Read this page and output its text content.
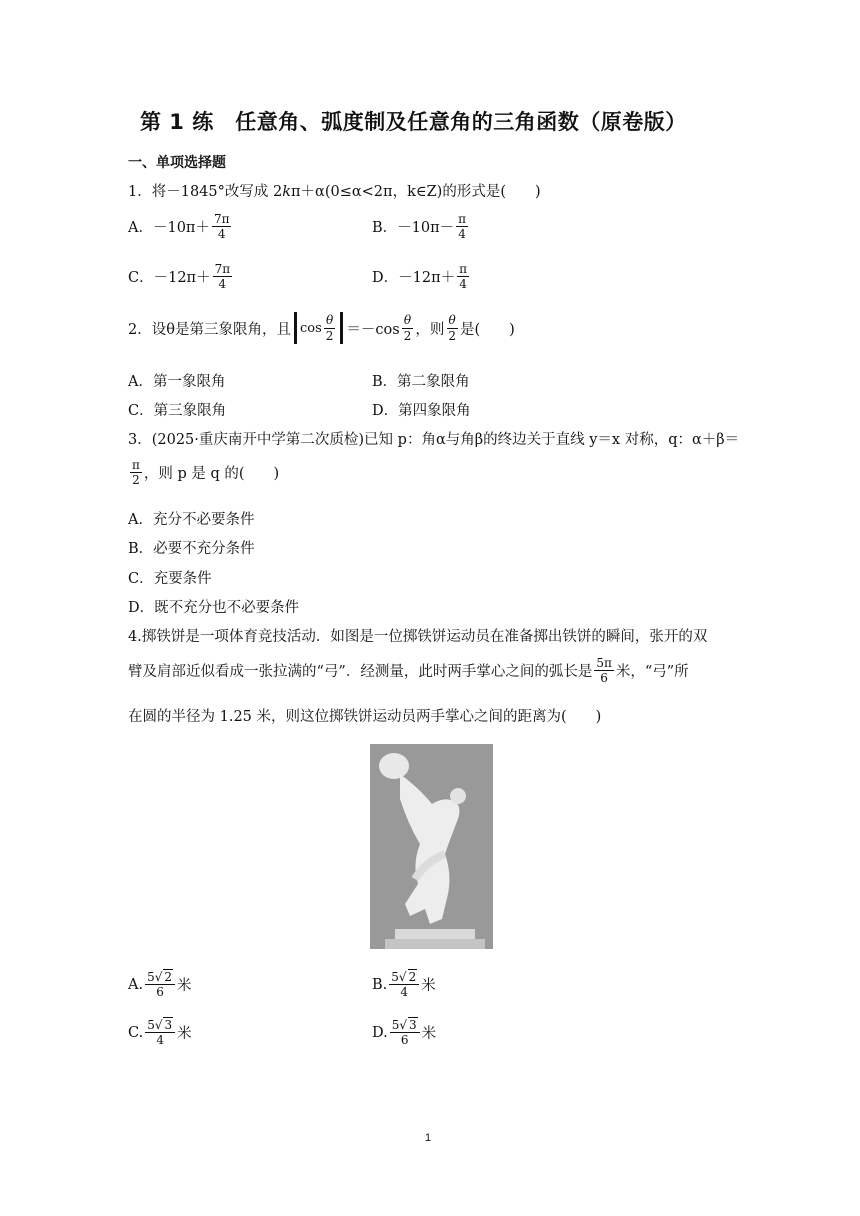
第 1 练　任意角、弧度制及任意角的三角函数（原卷版）
一、单项选择题
1．将－1845°改写成 2kπ＋α(0≤α<2π，k∈Z)的形式是(　　)
A．$-10\pi+ \frac{7\pi}{4}$	B．$-10\pi- \frac{\pi}{4}$
C．$-12\pi+ \frac{7\pi}{4}$	D．$-12\pi+ \frac{\pi}{4}$
2．设θ是第三象限角，且 $\cos \frac{\theta}{2} =-\cos \frac{\theta}{2}$ ，则 $\frac{\theta}{2}$ 是(　　)
A．第一象限角	B．第二象限角
C．第三象限角	D．第四象限角
3．(2025·重庆南开中学第二次质检)已知 p：角α与角β的终边关于直线 y＝x 对称，q：α＋β＝
$\frac{\pi}{2}$ ，则 p 是 q 的(　　)
A．充分不必要条件
B．必要不充分条件
C．充要条件
D．既不充分也不必要条件
4.掷铁饼是一项体育竞技活动．如图是一位掷铁饼运动员在准备掷出铁饼的瞬间，张开的双
臂及肩部近似看成一张拉满的“弓”．经测量，此时两手掌心之间的弧长是 $\frac{5\pi}{6}$ 米，“弓”所
在圆的半径为 1.25 米，则这位掷铁饼运动员两手掌心之间的距离为(　　)
A. $\frac{5√ 2}{6}$ 米	B. $\frac{5√ 2}{4}$ 米
C. $\frac{5√ 3}{4}$ 米	D. $\frac{5√ 3}{6}$ 米
1
